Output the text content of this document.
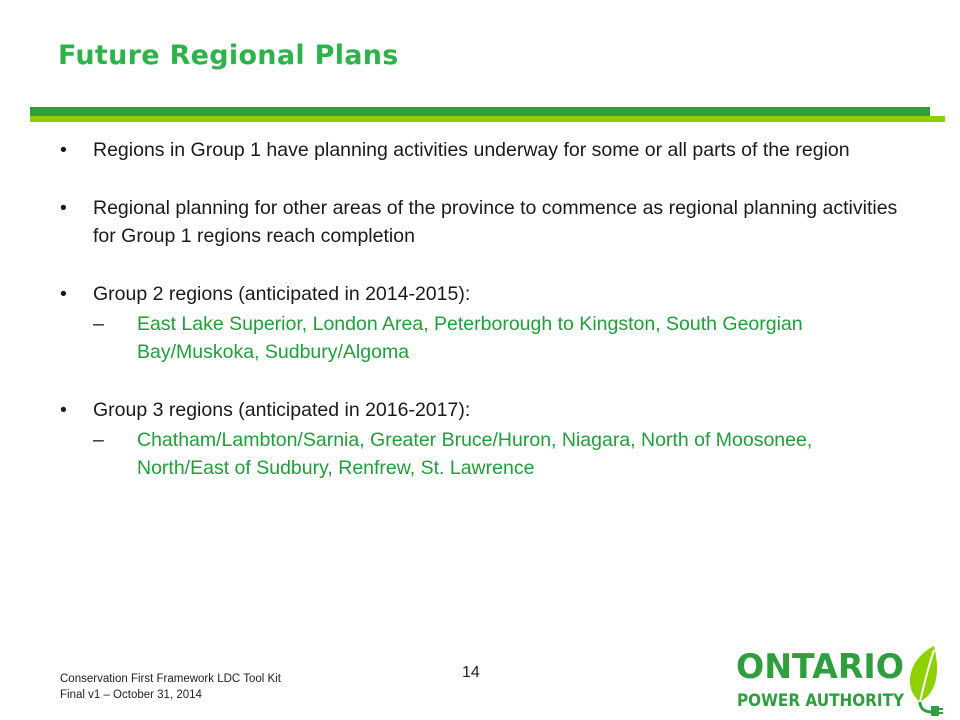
Future Regional Plans
• Regions in Group 1 have planning activities underway for some or all parts of the region
• Regional planning for other areas of the province to commence as regional planning activities for Group 1 regions reach completion
• Group 2 regions (anticipated in 2014-2015):
– East Lake Superior, London Area, Peterborough to Kingston, South Georgian Bay/Muskoka, Sudbury/Algoma
• Group 3 regions (anticipated in 2016-2017):
– Chatham/Lambton/Sarnia, Greater Bruce/Huron, Niagara, North of Moosonee, North/East of Sudbury, Renfrew, St. Lawrence
Conservation First Framework LDC Tool Kit
Final v1 – October 31, 2014
14	ONTARIO
POWER AUTHORITY
